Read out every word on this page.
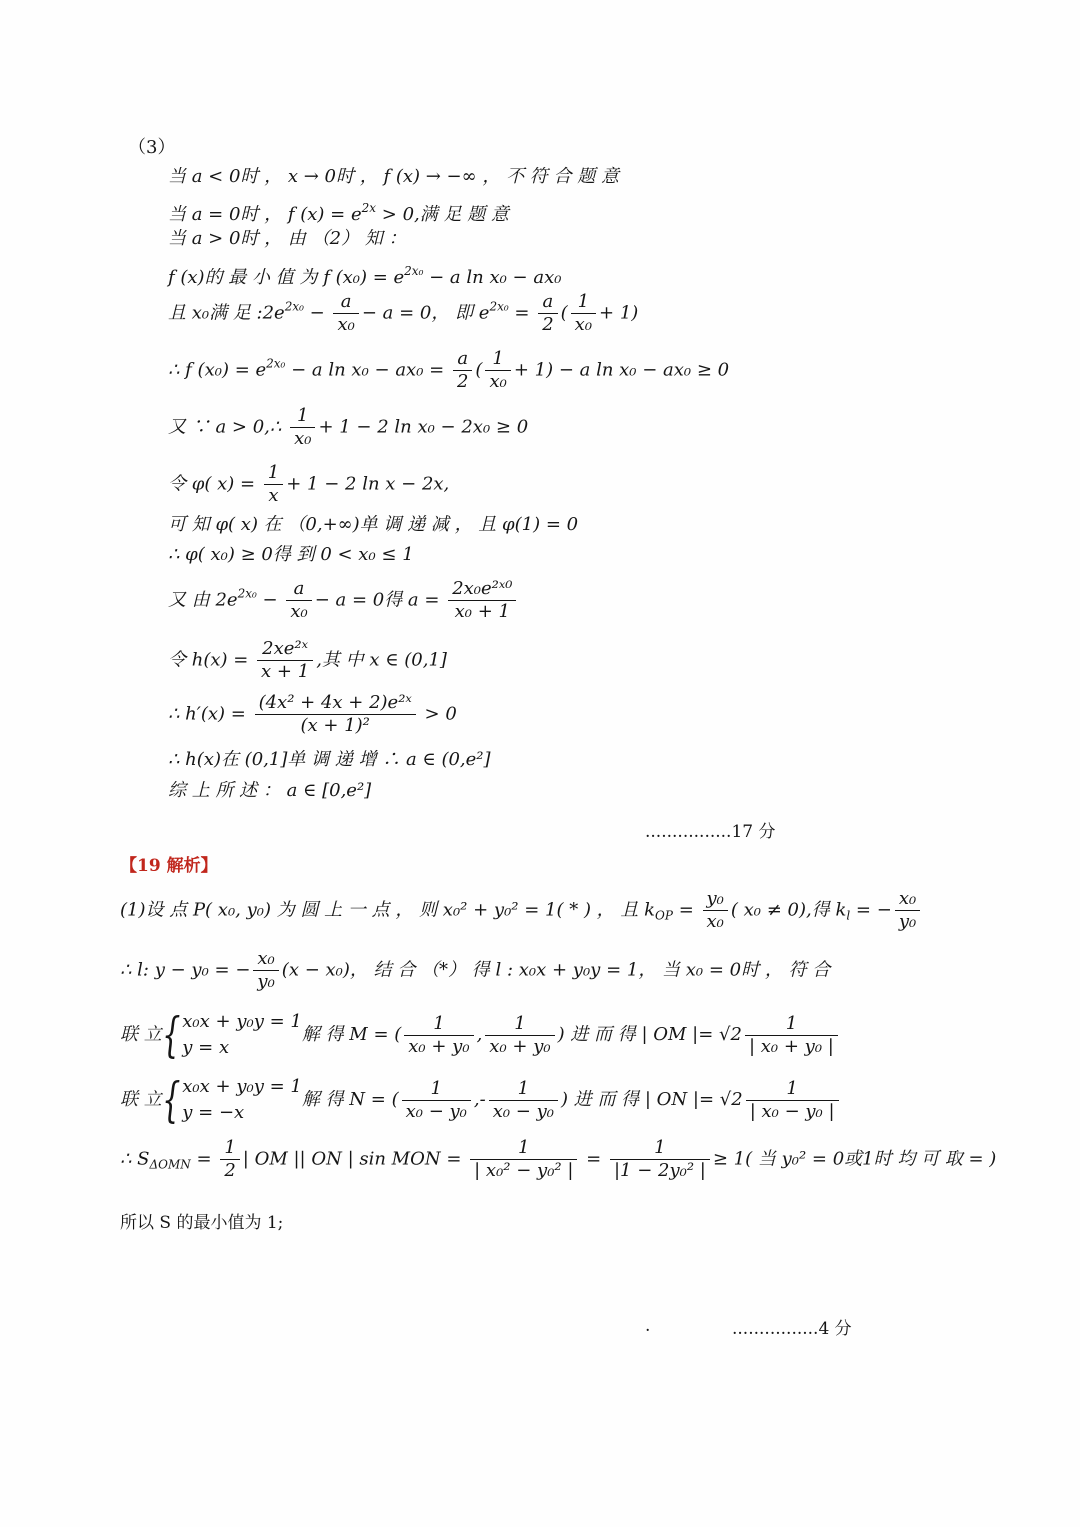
（3）
当 a < 0时 ， x → 0时 ， f (x) → −∞ ， 不 符 合 题 意
当 a = 0时 ， f $(x) = e^{2x} > 0$,满 足 题 意
当 a > 0时 ， 由 （2） 知 ：
f (x)的 最 小 值 为 f $(x_0) = e^{2x_0} - a$ ln x₀ − ax₀
且 x₀满 足 $:2e^{2x_0} - \frac{a}{\text{x₀}} - a = 0$， 即 $e^{2x_0} = \frac{a}{2}$ ( $\frac{1}{\text{x₀}} + 1$)
∴ f $(x_0) = e^{2x_0} - a$ $\ln x_0 - ax_0 = \frac{a}{2}$ ( $\frac{1}{\text{x₀}} + 1) - a$ ln x₀ − ax₀ ≥ 0
又 ∵ a > 0,∴ $\frac{1}{\text{x₀}} + 1 - 2$ ln x₀ − 2x₀ ≥ 0
令 φ( $x) = \frac{1}{x} + 1 - 2$ ln x − 2x,
可 知 φ( x) 在 （0,+∞)单 调 递 减 ， 且 φ(1) = 0
∴ φ( x₀) ≥ 0得 到 0 < x₀ ≤ 1
又 由 $2e^{2x_0} - \frac{a}{\text{x₀}} - a = 0$得 $a = \frac{\text{2x₀e²ˣ⁰}}{\text{x₀ + 1}}$
令 $h(x) = \frac{\text{2xe²ˣ}}{x + 1}$ ,其 中 x ∈ (0,1]
∴ $h'(x) = \frac{\text{(4x² + 4x + 2)e²ˣ}}{\text{(x + 1)²}} > 0$
∴ h(x)在 (0,1]单 调 递 增 ∴ a ∈ (0,e²]
综 上 所 述 ： a ∈ [0,e²]
................17 分
【19 解析】
(1)设 点 P( x₀, y₀) 为 圆 上 一 点 ， 则 x₀² + y₀² = 1( * ) ， 且 $k_{OP} = \frac{\text{y₀}}{\text{x₀}}$ ( x₀ ≠ 0),得 $k_l$ = − $\frac{\text{x₀}}{\text{y₀}}$
∴ l: y − y₀ = − $\frac{\text{x₀}}{\text{y₀}} (x - x_0)$， 结 合 （*） 得 l : x₀x + y₀y = 1， 当 x₀ = 0时 ， 符 合
联 立{ x₀x + y₀y = 1
y = x
解 得 M = ( $\frac{1}{\text{x₀ + y₀}}$ , $\frac{1}{\text{x₀ + y₀}}$ ) 进 而 得 | OM |= $√2 \frac{1}{\text{| x₀ + y₀ |}}$
联 立{ x₀x + y₀y = 1
y = −x
解 得 N = ( $\frac{1}{\text{x₀ − y₀}}$ ,- $\frac{1}{\text{x₀ − y₀}}$ ) 进 而 得 | ON |= $√2 \frac{1}{\text{| x₀ − y₀ |}}$
∴ $S_{\Delta OMN} = \frac{1}{2}$ | OM || ON | sin MON = $\frac{1}{\text{| x₀² − y₀² |}} = \frac{1}{\text{|1 − 2y₀² |}} \ge 1$( 当 y₀² = 0或1时 均 可 取 = )
所以 S 的最小值为 1;
.	................4 分
